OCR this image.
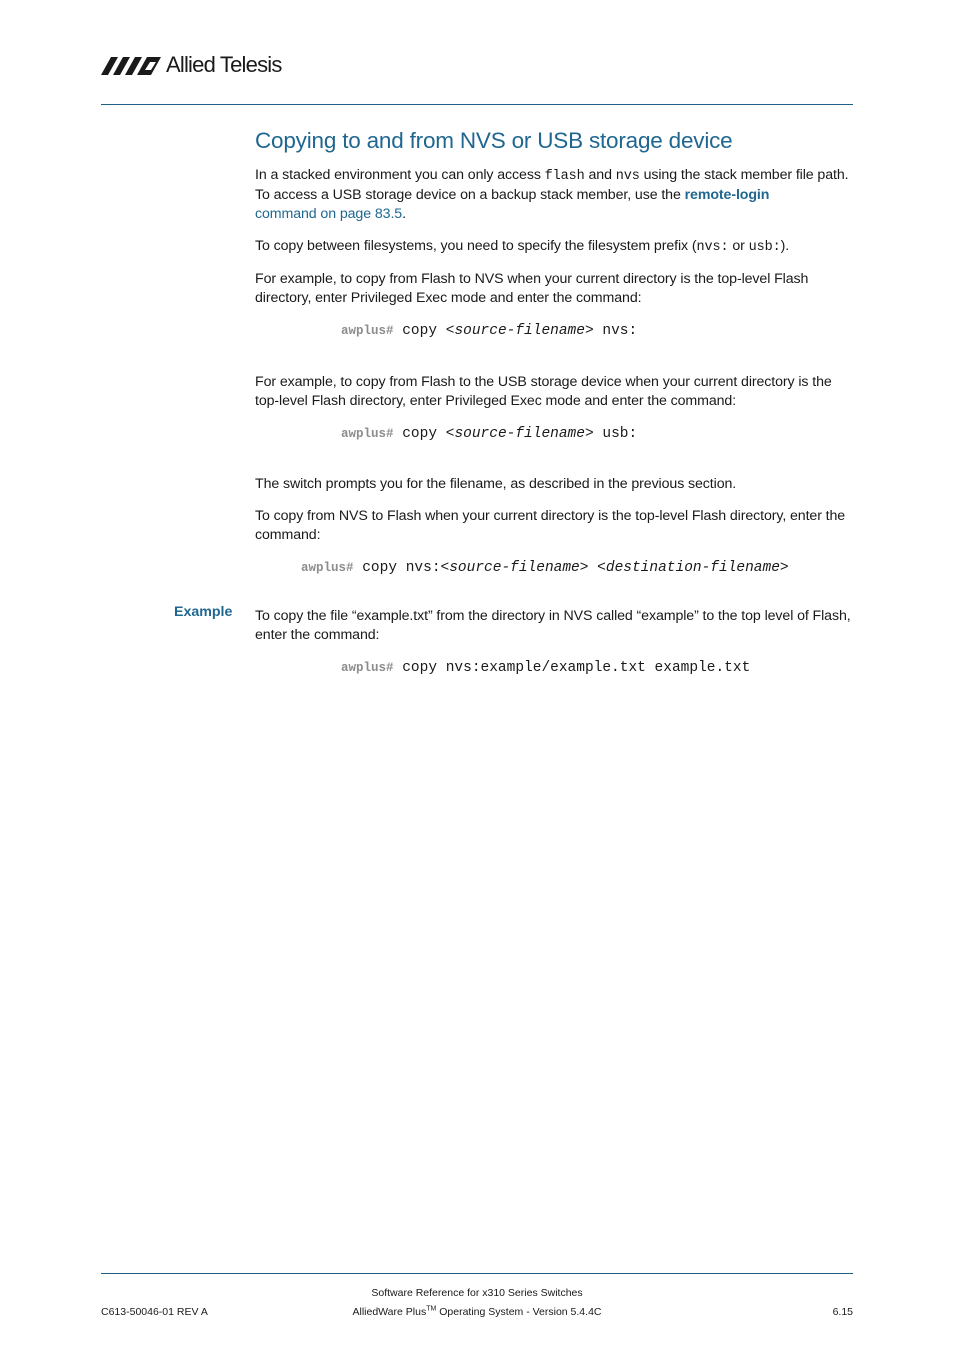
Allied Telesis
Copying to and from NVS or USB storage device

In a stacked environment you can only access flash and nvs using the stack member file path. To access a USB storage device on a backup stack member, use the remote-login
command on page 83.5.

To copy between filesystems, you need to specify the filesystem prefix (nvs: or usb:).

For example, to copy from Flash to NVS when your current directory is the top-level Flash directory, enter Privileged Exec mode and enter the command:

awplus# copy <source-filename> nvs:

For example, to copy from Flash to the USB storage device when your current directory is the top-level Flash directory, enter Privileged Exec mode and enter the command:

awplus# copy <source-filename> usb:

The switch prompts you for the filename, as described in the previous section.

To copy from NVS to Flash when your current directory is the top-level Flash directory, enter the command:

awplus# copy nvs:<source-filename> <destination-filename>

To copy the file “example.txt” from the directory in NVS called “example” to the top level of Flash, enter the command:

awplus# copy nvs:example/example.txt example.txt
Example
Software Reference for x310 Series Switches
C613-50046-01 REV A	AlliedWare Plus™ Operating System - Version 5.4.4C	6.15
